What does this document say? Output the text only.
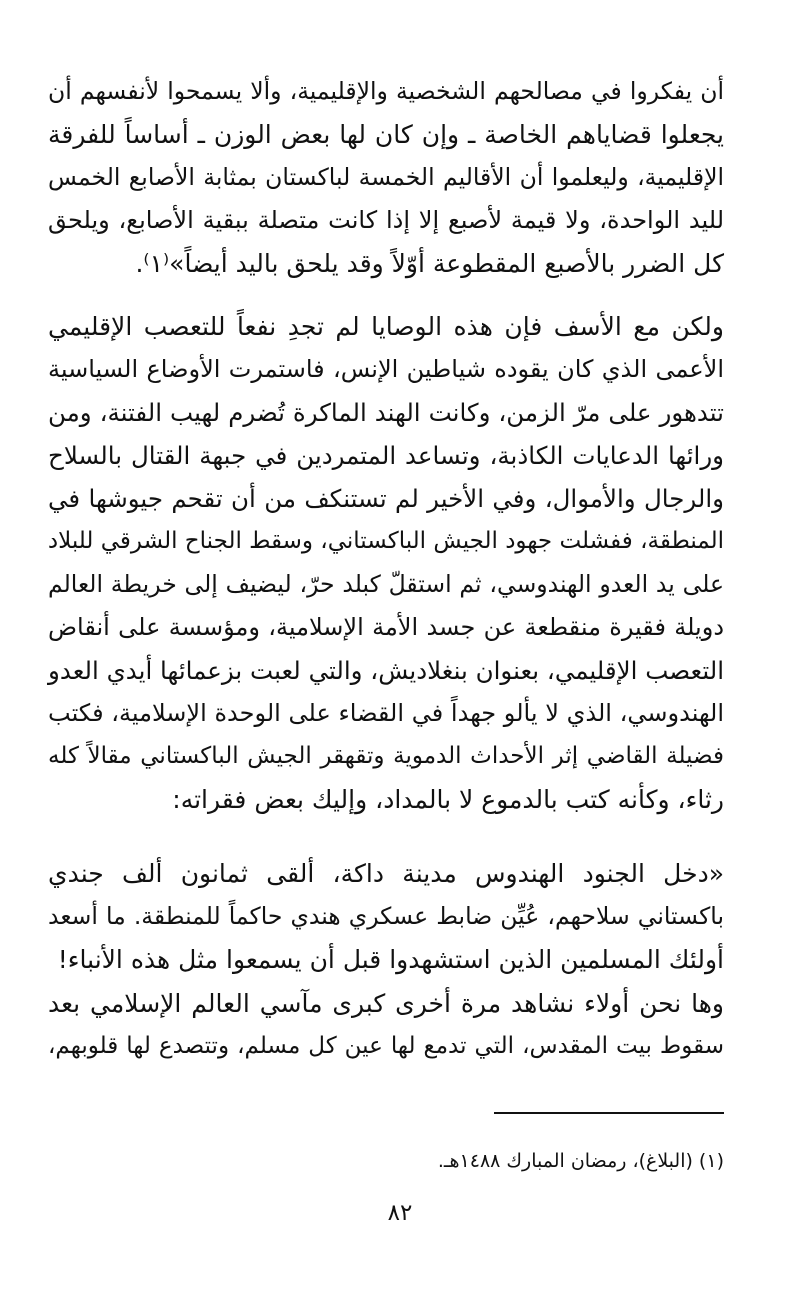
أن يفكروا في مصالحهم الشخصية والإقليمية، وألا يسمحوا لأنفسهم أن
يجعلوا قضاياهم الخاصة ـ وإن كان لها بعض الوزن ـ أساساً للفرقة
الإقليمية، وليعلموا أن الأقاليم الخمسة لباكستان بمثابة الأصابع الخمس
لليد الواحدة، ولا قيمة لأصبع إلا إذا كانت متصلة ببقية الأصابع، ويلحق
كل الضرر بالأصبع المقطوعة أوّلاً وقد يلحق باليد أيضاً»⁽١⁾.
ولكن مع الأسف فإن هذه الوصايا لم تجدِ نفعاً للتعصب الإقليمي
الأعمى الذي كان يقوده شياطين الإنس، فاستمرت الأوضاع السياسية
تتدهور على مرّ الزمن، وكانت الهند الماكرة تُضرم لهيب الفتنة، ومن
ورائها الدعايات الكاذبة، وتساعد المتمردين في جبهة القتال بالسلاح
والرجال والأموال، وفي الأخير لم تستنكف من أن تقحم جيوشها في
المنطقة، ففشلت جهود الجيش الباكستاني، وسقط الجناح الشرقي للبلاد
على يد العدو الهندوسي، ثم استقلّ كبلد حرّ، ليضيف إلى خريطة العالم
دويلة فقيرة منقطعة عن جسد الأمة الإسلامية، ومؤسسة على أنقاض
التعصب الإقليمي، بعنوان بنغلاديش، والتي لعبت بزعمائها أيدي العدو
الهندوسي، الذي لا يألو جهداً في القضاء على الوحدة الإسلامية، فكتب
فضيلة القاضي إثر الأحداث الدموية وتقهقر الجيش الباكستاني مقالاً كله
رثاء، وكأنه كتب بالدموع لا بالمداد، وإليك بعض فقراته:
«دخل الجنود الهندوس مدينة داكة، ألقى ثمانون ألف جندي
باكستاني سلاحهم، عُيِّن ضابط عسكري هندي حاكماً للمنطقة. ما أسعد
أولئك المسلمين الذين استشهدوا قبل أن يسمعوا مثل هذه الأنباء!
وها نحن أولاء نشاهد مرة أخرى كبرى مآسي العالم الإسلامي بعد
سقوط بيت المقدس، التي تدمع لها عين كل مسلم، وتتصدع لها قلوبهم،
(١) (البلاغ)، رمضان المبارك ١٤٨٨هـ.
٨٢
